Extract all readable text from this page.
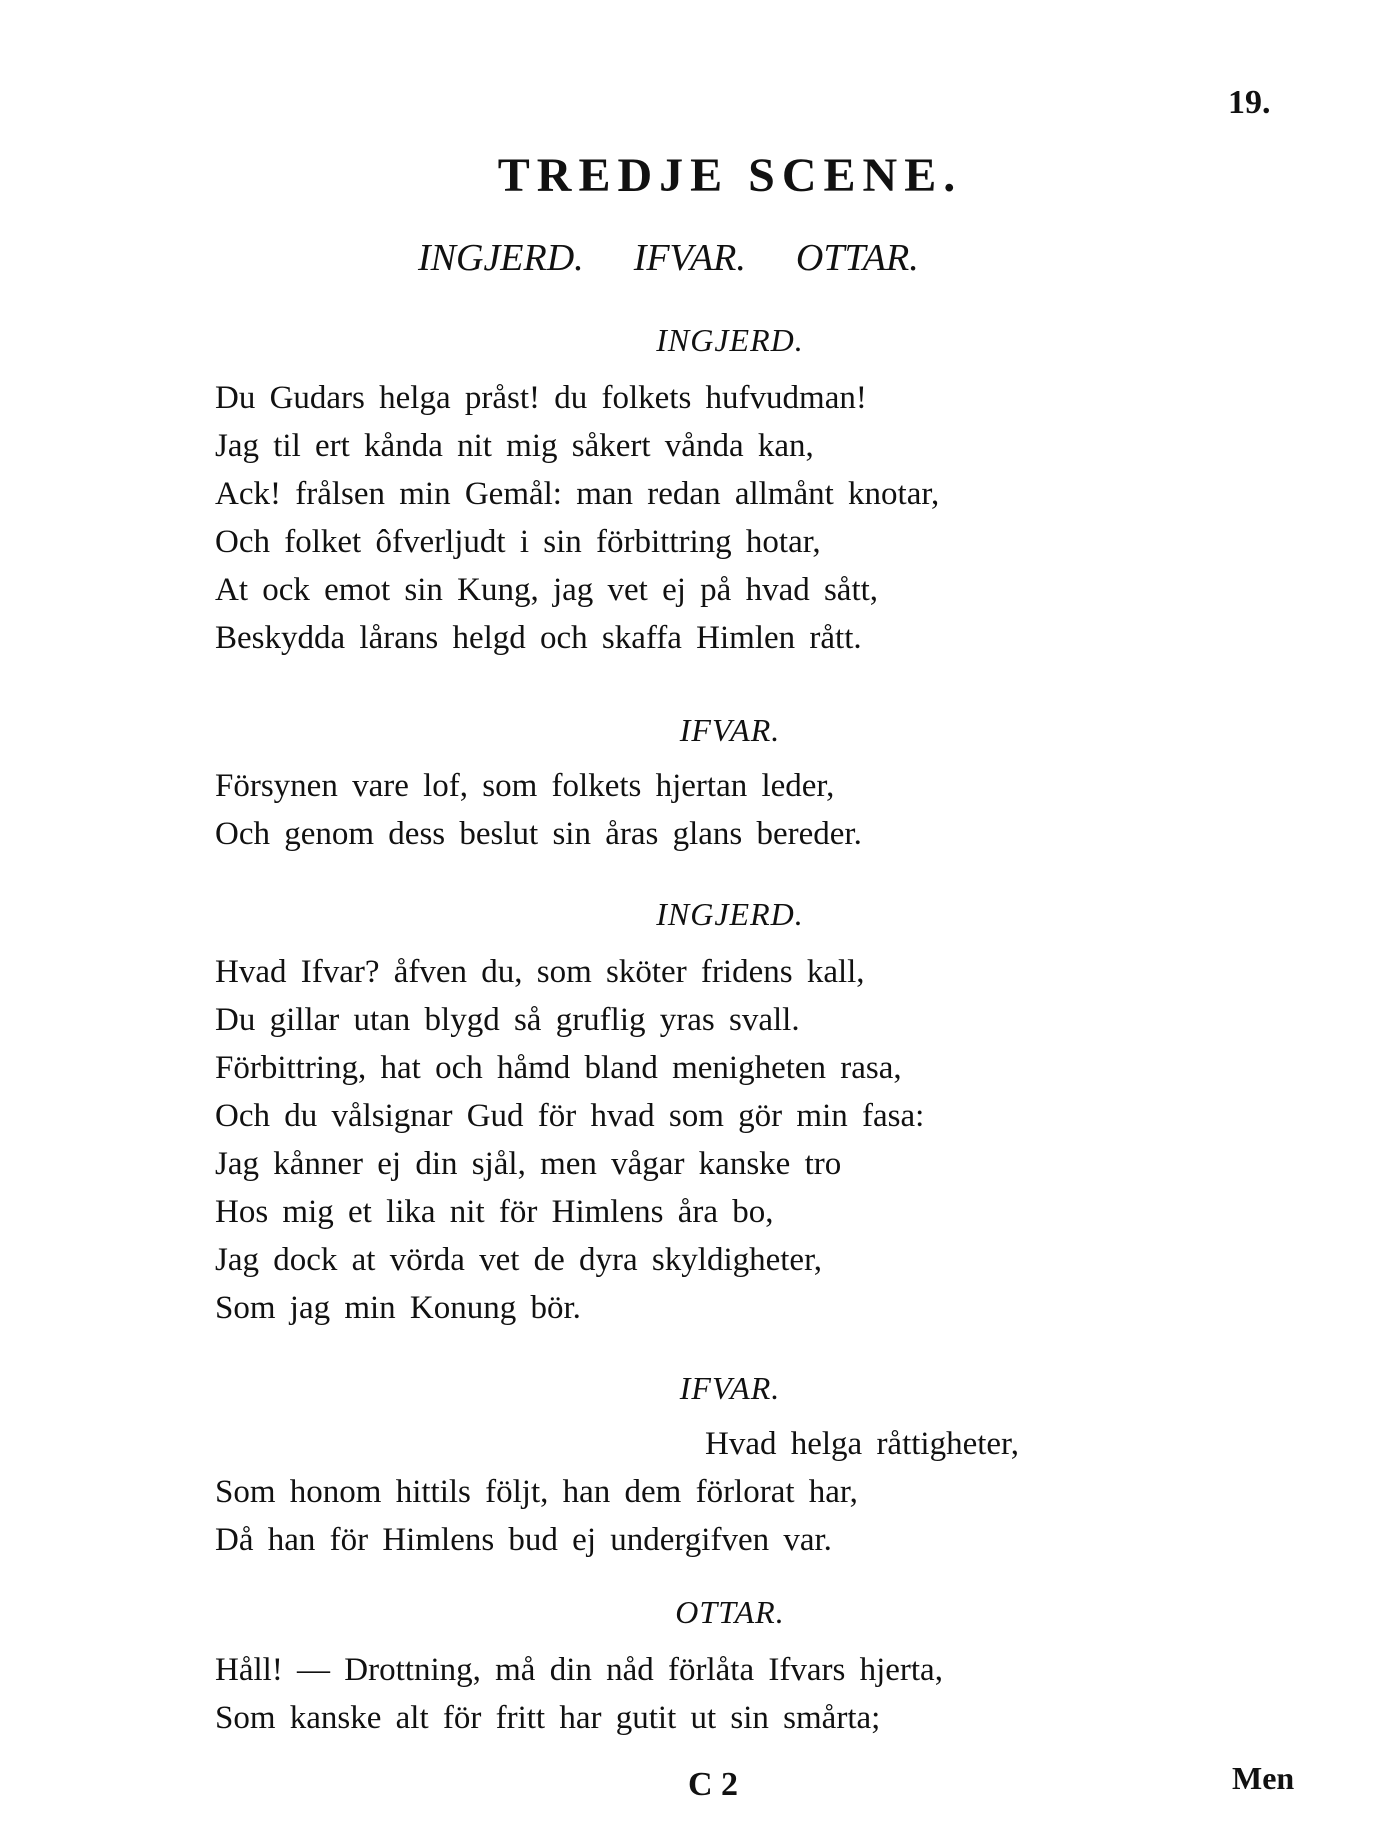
19.
TREDJE SCENE.
INGJERD. IFVAR. OTTAR.
INGJERD.
Du Gudars helga pråst! du folkets hufvudman!
Jag til ert kånda nit mig såkert vånda kan,
Ack! frålsen min Gemål: man redan allmånt knotar,
Och folket ôfverljudt i sin förbittring hotar,
At ock emot sin Kung, jag vet ej på hvad sått,
Beskydda lårans helgd och skaffa Himlen rått.
IFVAR.
Försynen vare lof, som folkets hjertan leder,
Och genom dess beslut sin åras glans bereder.
INGJERD.
Hvad Ifvar? åfven du, som sköter fridens kall,
Du gillar utan blygd så gruflig yras svall.
Förbittring, hat och håmd bland menigheten rasa,
Och du vålsignar Gud för hvad som gör min fasa:
Jag kånner ej din sjål, men vågar kanske tro
Hos mig et lika nit för Himlens åra bo,
Jag dock at vörda vet de dyra skyldigheter,
Som jag min Konung bör.
IFVAR.
Hvad helga råttigheter,
Som honom hittils följt, han dem förlorat har,
Då han för Himlens bud ej undergifven var.
OTTAR.
Håll! — Drottning, må din nåd förlåta Ifvars hjerta,
Som kanske alt för fritt har gutit ut sin smårta;
C 2	Men
